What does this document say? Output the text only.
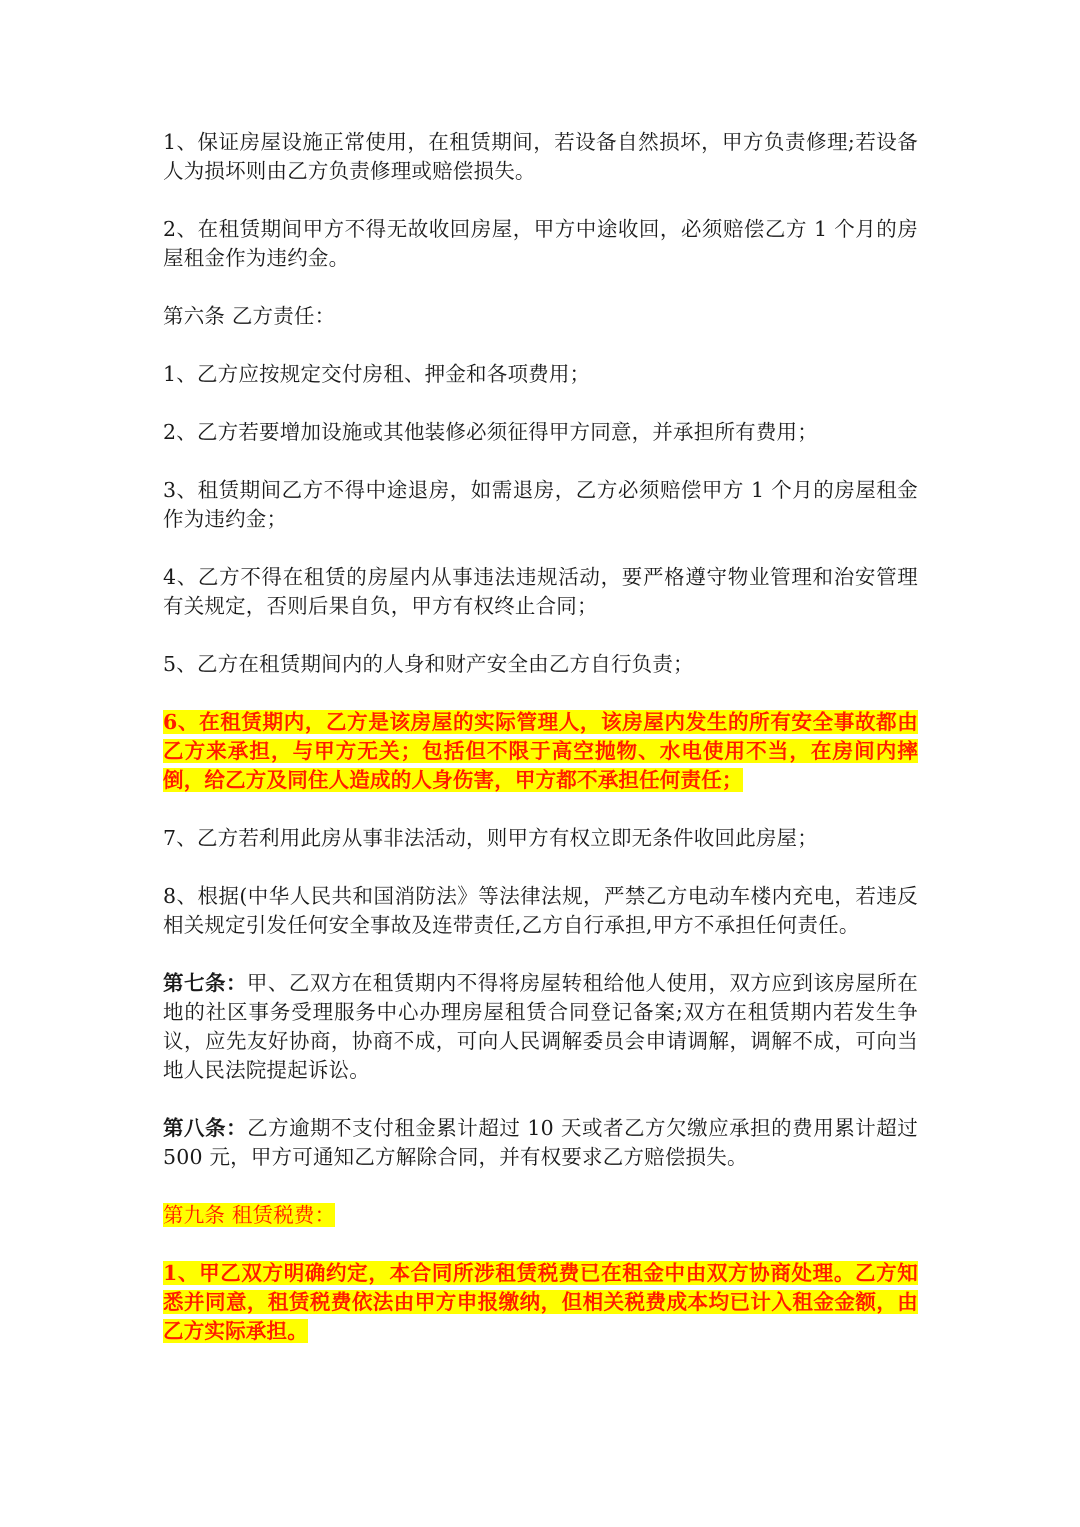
1、保证房屋设施正常使用，在租赁期间，若设备自然损坏，甲方负责修理;若设备人为损坏则由乙方负责修理或赔偿损失。

2、在租赁期间甲方不得无故收回房屋，甲方中途收回，必须赔偿乙方 1 个月的房屋租金作为违约金。

第六条 乙方责任：

1、乙方应按规定交付房租、押金和各项费用；

2、乙方若要增加设施或其他装修必须征得甲方同意，并承担所有费用；

3、租赁期间乙方不得中途退房，如需退房，乙方必须赔偿甲方 1 个月的房屋租金作为违约金；

4、乙方不得在租赁的房屋内从事违法违规活动，要严格遵守物业管理和治安管理有关规定，否则后果自负，甲方有权终止合同；

5、乙方在租赁期间内的人身和财产安全由乙方自行负责；

6、在租赁期内，乙方是该房屋的实际管理人，该房屋内发生的所有安全事故都由乙方来承担，与甲方无关；包括但不限于高空抛物、水电使用不当，在房间内摔倒，给乙方及同住人造成的人身伤害，甲方都不承担任何责任；

7、乙方若利用此房从事非法活动，则甲方有权立即无条件收回此房屋；

8、根据(中华人民共和国消防法》等法律法规，严禁乙方电动车楼内充电，若违反相关规定引发任何安全事故及连带责任,乙方自行承担,甲方不承担任何责任。

第七条：甲、乙双方在租赁期内不得将房屋转租给他人使用，双方应到该房屋所在地的社区事务受理服务中心办理房屋租赁合同登记备案;双方在租赁期内若发生争议，应先友好协商，协商不成，可向人民调解委员会申请调解，调解不成，可向当地人民法院提起诉讼。

第八条：乙方逾期不支付租金累计超过 10 天或者乙方欠缴应承担的费用累计超过 500 元，甲方可通知乙方解除合同，并有权要求乙方赔偿损失。

第九条 租赁税费：

1、甲乙双方明确约定，本合同所涉租赁税费已在租金中由双方协商处理。乙方知悉并同意，租赁税费依法由甲方申报缴纳，但相关税费成本均已计入租金金额，由乙方实际承担。
